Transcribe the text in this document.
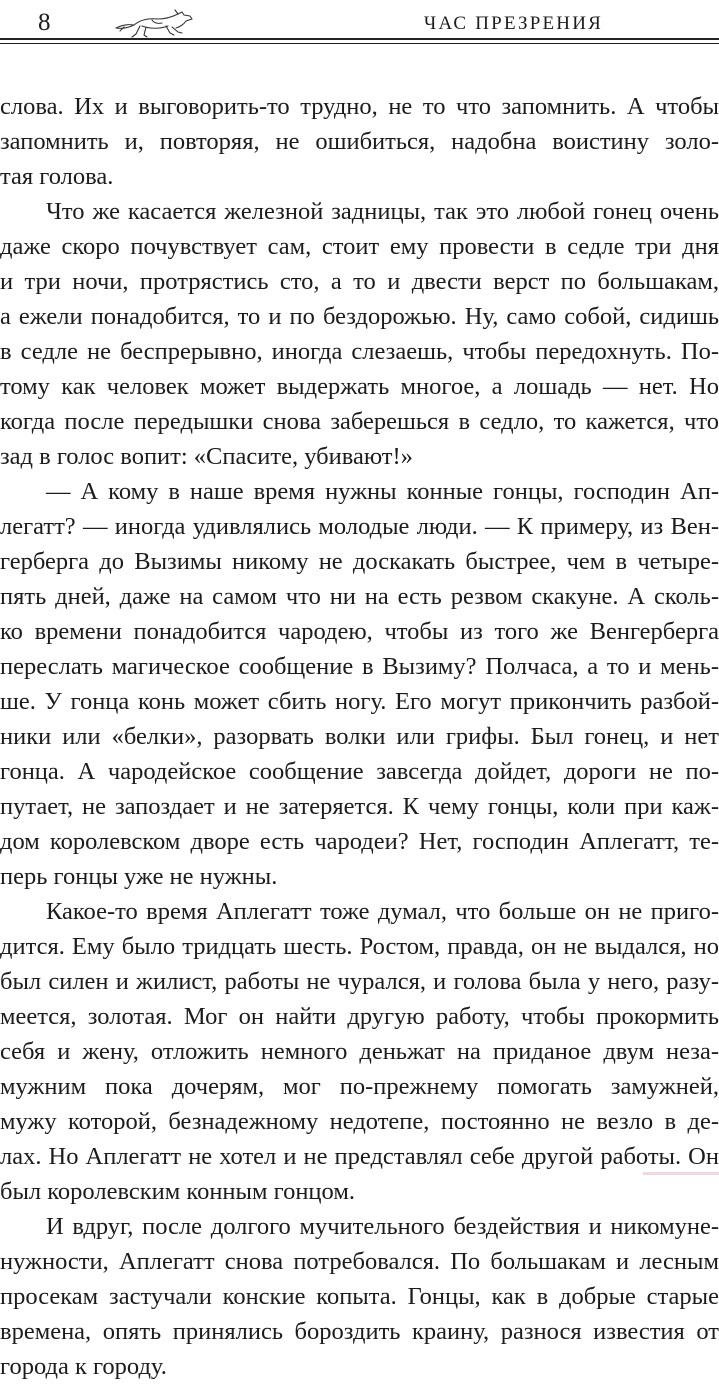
8	ЧАС ПРЕЗРЕНИЯ
слова. Их и выговорить-то трудно, не то что запомнить. А чтобы
запомнить и, повторяя, не ошибиться, надобна воистину золо-
тая голова.
Что же касается железной задницы, так это любой гонец очень
даже скоро почувствует сам, стоит ему провести в седле три дня
и три ночи, протрястись сто, а то и двести верст по большакам,
а ежели понадобится, то и по бездорожью. Ну, само собой, сидишь
в седле не беспрерывно, иногда слезаешь, чтобы передохнуть. По-
тому как человек может выдержать многое, а лошадь — нет. Но
когда после передышки снова заберешься в седло, то кажется, что
зад в голос вопит: «Спасите, убивают!»
— А кому в наше время нужны конные гонцы, господин Ап-
легатт? — иногда удивлялись молодые люди. — К примеру, из Вен-
герберга до Вызимы никому не доскакать быстрее, чем в четыре-
пять дней, даже на самом что ни на есть резвом скакуне. А сколь-
ко времени понадобится чародею, чтобы из того же Венгерберга
переслать магическое сообщение в Вызиму? Полчаса, а то и мень-
ше. У гонца конь может сбить ногу. Его могут прикончить разбой-
ники или «белки», разорвать волки или грифы. Был гонец, и нет
гонца. А чародейское сообщение завсегда дойдет, дороги не по-
путает, не запоздает и не затеряется. К чему гонцы, коли при каж-
дом королевском дворе есть чародеи? Нет, господин Аплегатт, те-
перь гонцы уже не нужны.
Какое-то время Аплегатт тоже думал, что больше он не приго-
дится. Ему было тридцать шесть. Ростом, правда, он не выдался, но
был силен и жилист, работы не чурался, и голова была у него, разу-
меется, золотая. Мог он найти другую работу, чтобы прокормить
себя и жену, отложить немного деньжат на приданое двум неза-
мужним пока дочерям, мог по-прежнему помогать замужней,
мужу которой, безнадежному недотепе, постоянно не везло в де-
лах. Но Аплегатт не хотел и не представлял себе другой работы. Он
был королевским конным гонцом.
И вдруг, после долгого мучительного бездействия и никомуне-
нужности, Аплегатт снова потребовался. По большакам и лесным
просекам застучали конские копыта. Гонцы, как в добрые старые
времена, опять принялись бороздить краину, разнося известия от
города к городу.
